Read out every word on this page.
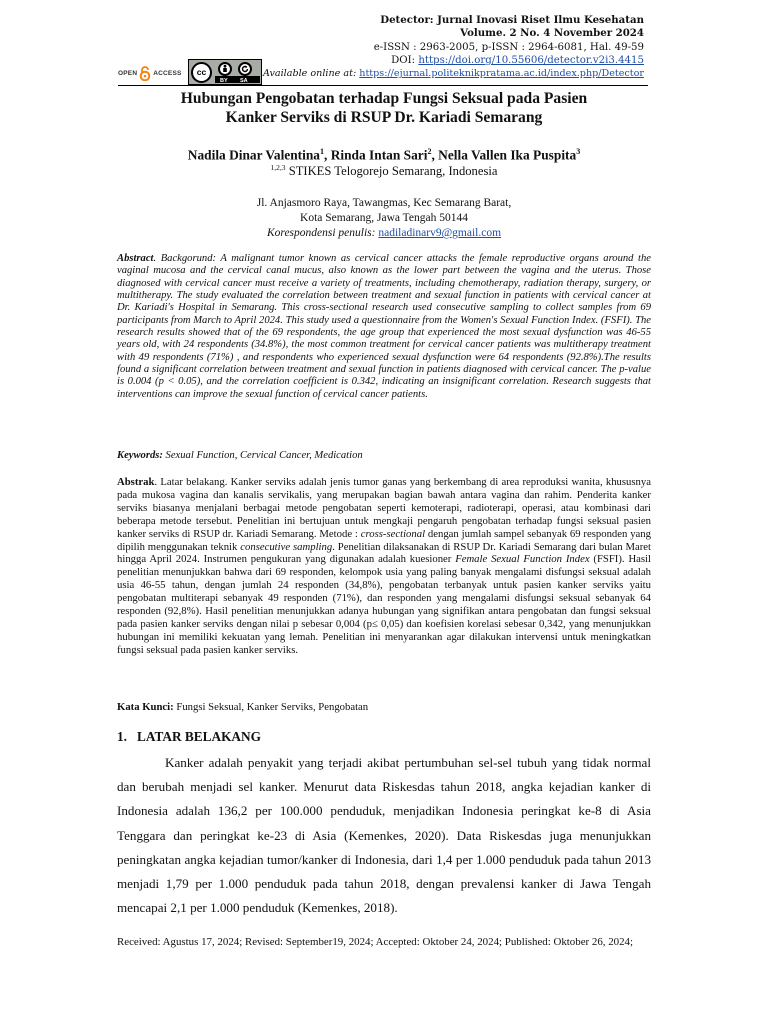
Detector: Jurnal Inovasi Riset Ilmu Kesehatan
Volume. 2 No. 4 November 2024
e-ISSN : 2963-2005, p-ISSN : 2964-6081, Hal. 49-59
DOI: https://doi.org/10.55606/detector.v2i3.4415
Available online at: https://ejurnal.politeknikpratama.ac.id/index.php/Detector
OPEN ACCESS	cc
BY SA
Hubungan Pengobatan terhadap Fungsi Seksual pada Pasien
Kanker Serviks di RSUP Dr. Kariadi Semarang
Nadila Dinar Valentina$^1$, Rinda Intan Sari$^2$, Nella Vallen Ika Puspita$^3$
$^{1,2,3}$ STIKES Telogorejo Semarang, Indonesia
Jl. Anjasmoro Raya, Tawangmas, Kec Semarang Barat,
Kota Semarang, Jawa Tengah 50144
Korespondensi penulis: nadiladinarv9@gmail.com
Abstract. Backgorund: A malignant tumor known as cervical cancer attacks the female reproductive organs around the vaginal mucosa and the cervical canal mucus, also known as the lower part between the vagina and the uterus. Those diagnosed with cervical cancer must receive a variety of treatments, including chemotherapy, radiation therapy, surgery, or multitherapy. The study evaluated the correlation between treatment and sexual function in patients with cervical cancer at Dr. Kariadi's Hospital in Semarang. This cross-sectional research used consecutive sampling to collect samples from 69 participants from March to April 2024. This study used a questionnaire from the Women's Sexual Function Index. (FSFI). The research results showed that of the 69 respondents, the age group that experienced the most sexual dysfunction was 46-55 years old, with 24 respondents (34.8%), the most common treatment for cervical cancer patients was multitherapy treatment with 49 respondents (71%) , and respondents who experienced sexual dysfunction were 64 respondents (92.8%).The results found a significant correlation between treatment and sexual function in patients diagnosed with cervical cancer. The p-value is 0.004 (p < 0.05), and the correlation coefficient is 0.342, indicating an insignificant correlation. Research suggests that interventions can improve the sexual function of cervical cancer patients.
Keywords: Sexual Function, Cervical Cancer, Medication
Abstrak. Latar belakang. Kanker serviks adalah jenis tumor ganas yang berkembang di area reproduksi wanita, khususnya pada mukosa vagina dan kanalis servikalis, yang merupakan bagian bawah antara vagina dan rahim. Penderita kanker serviks biasanya menjalani berbagai metode pengobatan seperti kemoterapi, radioterapi, operasi, atau kombinasi dari beberapa metode tersebut. Penelitian ini bertujuan untuk mengkaji pengaruh pengobatan terhadap fungsi seksual pasien kanker serviks di RSUP dr. Kariadi Semarang. Metode : cross-sectional dengan jumlah sampel sebanyak 69 responden yang dipilih menggunakan teknik consecutive sampling. Penelitian dilaksanakan di RSUP Dr. Kariadi Semarang dari bulan Maret hingga April 2024. Instrumen pengukuran yang digunakan adalah kuesioner Female Sexual Function Index (FSFI). Hasil penelitian menunjukkan bahwa dari 69 responden, kelompok usia yang paling banyak mengalami disfungsi seksual adalah usia 46-55 tahun, dengan jumlah 24 responden (34,8%), pengobatan terbanyak untuk pasien kanker serviks yaitu pengobatan multiterapi sebanyak 49 responden (71%), dan responden yang mengalami disfungsi seksual sebanyak 64 responden (92,8%). Hasil penelitian menunjukkan adanya hubungan yang signifikan antara pengobatan dan fungsi seksual pada pasien kanker serviks dengan nilai p sebesar 0,004 (p≤ 0,05) dan koefisien korelasi sebesar 0,342, yang menunjukkan hubungan ini memiliki kekuatan yang lemah. Penelitian ini menyarankan agar dilakukan intervensi untuk meningkatkan fungsi seksual pada pasien kanker serviks.
Kata Kunci: Fungsi Seksual, Kanker Serviks, Pengobatan
1. LATAR BELAKANG
Kanker adalah penyakit yang terjadi akibat pertumbuhan sel-sel tubuh yang tidak normal dan berubah menjadi sel kanker. Menurut data Riskesdas tahun 2018, angka kejadian kanker di Indonesia adalah 136,2 per 100.000 penduduk, menjadikan Indonesia peringkat ke-8 di Asia Tenggara dan peringkat ke-23 di Asia (Kemenkes, 2020). Data Riskesdas juga menunjukkan peningkatan angka kejadian tumor/kanker di Indonesia, dari 1,4 per 1.000 penduduk pada tahun 2013 menjadi 1,79 per 1.000 penduduk pada tahun 2018, dengan prevalensi kanker di Jawa Tengah mencapai 2,1 per 1.000 penduduk (Kemenkes, 2018).
Received: Agustus 17, 2024; Revised: September19, 2024; Accepted: Oktober 24, 2024; Published: Oktober 26, 2024;
